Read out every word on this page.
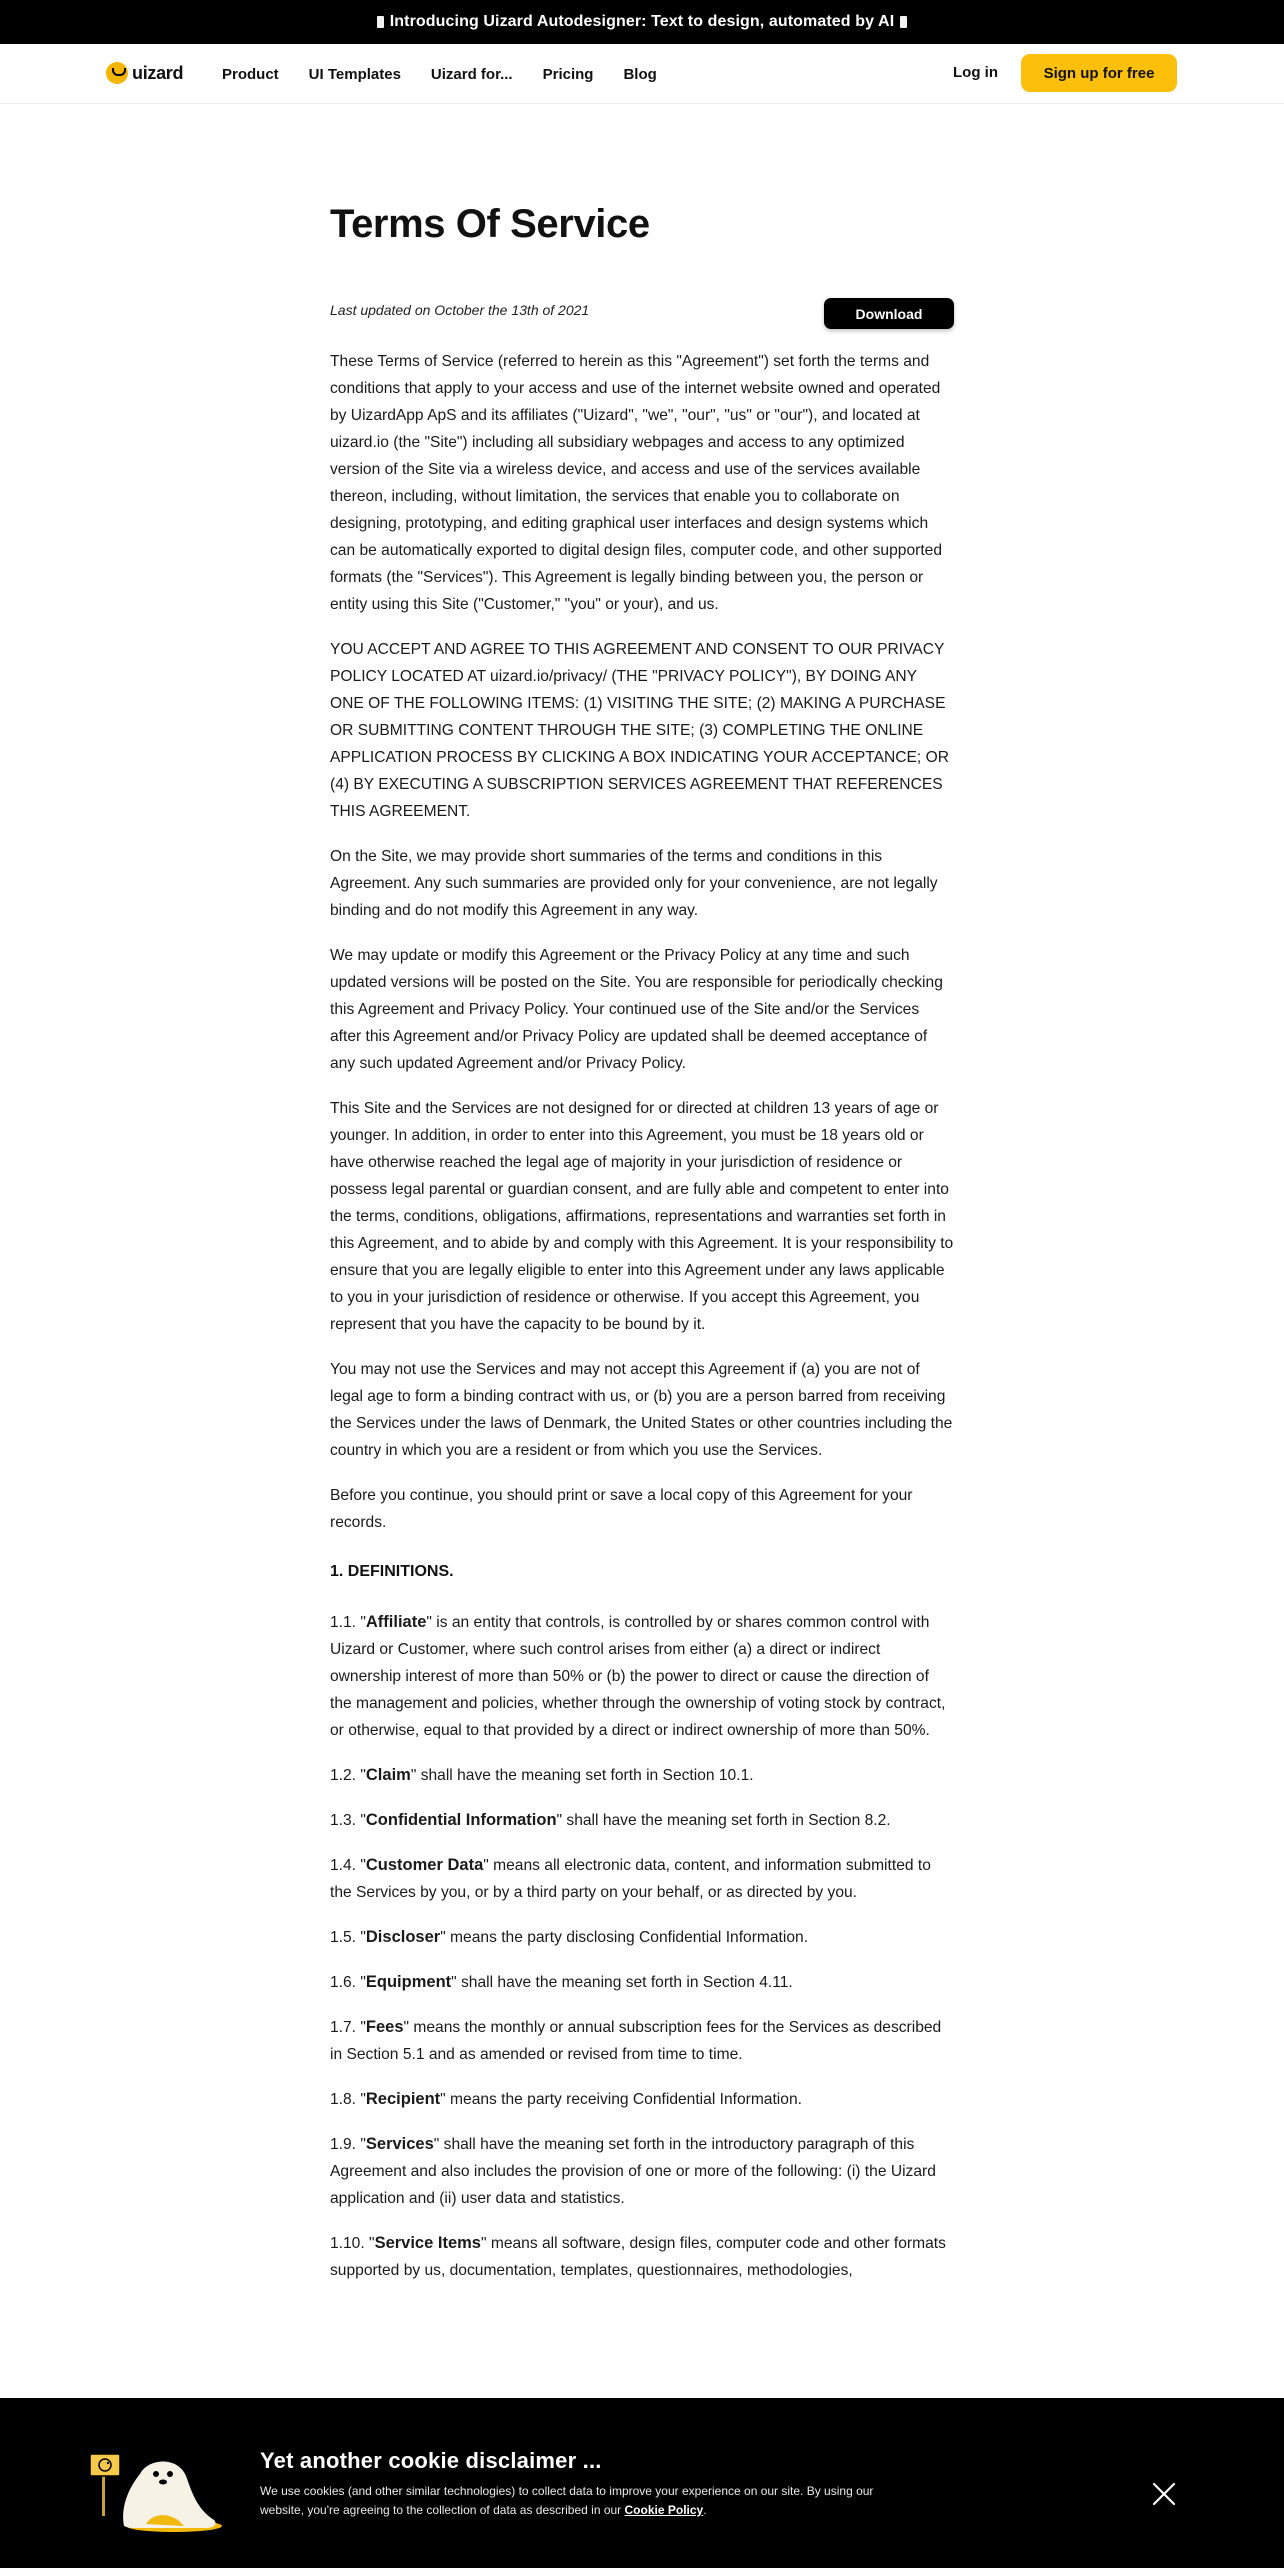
Introducing Uizard Autodesigner: Text to design, automated by AI
uizard	Product UI Templates Uizard for... Pricing Blog	Log in	Sign up for free
Terms Of Service
Last updated on October the 13th of 2021	Download

These Terms of Service (referred to herein as this "Agreement") set forth the terms and conditions that apply to your access and use of the internet website owned and operated by UizardApp ApS and its affiliates ("Uizard", "we", "our", "us" or "our"), and located at uizard.io (the "Site") including all subsidiary webpages and access to any optimized version of the Site via a wireless device, and access and use of the services available thereon, including, without limitation, the services that enable you to collaborate on designing, prototyping, and editing graphical user interfaces and design systems which can be automatically exported to digital design files, computer code, and other supported formats (the "Services"). This Agreement is legally binding between you, the person or entity using this Site ("Customer," "you" or your), and us.

YOU ACCEPT AND AGREE TO THIS AGREEMENT AND CONSENT TO OUR PRIVACY POLICY LOCATED AT uizard.io/privacy/ (THE "PRIVACY POLICY"), BY DOING ANY ONE OF THE FOLLOWING ITEMS: (1) VISITING THE SITE; (2) MAKING A PURCHASE OR SUBMITTING CONTENT THROUGH THE SITE; (3) COMPLETING THE ONLINE APPLICATION PROCESS BY CLICKING A BOX INDICATING YOUR ACCEPTANCE; OR (4) BY EXECUTING A SUBSCRIPTION SERVICES AGREEMENT THAT REFERENCES THIS AGREEMENT.

On the Site, we may provide short summaries of the terms and conditions in this Agreement. Any such summaries are provided only for your convenience, are not legally binding and do not modify this Agreement in any way.

We may update or modify this Agreement or the Privacy Policy at any time and such updated versions will be posted on the Site. You are responsible for periodically checking this Agreement and Privacy Policy. Your continued use of the Site and/or the Services after this Agreement and/or Privacy Policy are updated shall be deemed acceptance of any such updated Agreement and/or Privacy Policy.

This Site and the Services are not designed for or directed at children 13 years of age or younger. In addition, in order to enter into this Agreement, you must be 18 years old or have otherwise reached the legal age of majority in your jurisdiction of residence or possess legal parental or guardian consent, and are fully able and competent to enter into the terms, conditions, obligations, affirmations, representations and warranties set forth in this Agreement, and to abide by and comply with this Agreement. It is your responsibility to ensure that you are legally eligible to enter into this Agreement under any laws applicable to you in your jurisdiction of residence or otherwise. If you accept this Agreement, you represent that you have the capacity to be bound by it.

You may not use the Services and may not accept this Agreement if (a) you are not of legal age to form a binding contract with us, or (b) you are a person barred from receiving the Services under the laws of Denmark, the United States or other countries including the country in which you are a resident or from which you use the Services.

Before you continue, you should print or save a local copy of this Agreement for your records.

1. DEFINITIONS.

1.1. "Affiliate" is an entity that controls, is controlled by or shares common control with Uizard or Customer, where such control arises from either (a) a direct or indirect ownership interest of more than 50% or (b) the power to direct or cause the direction of the management and policies, whether through the ownership of voting stock by contract, or otherwise, equal to that provided by a direct or indirect ownership of more than 50%.

1.2. "Claim" shall have the meaning set forth in Section 10.1.

1.3. "Confidential Information" shall have the meaning set forth in Section 8.2.

1.4. "Customer Data" means all electronic data, content, and information submitted to the Services by you, or by a third party on your behalf, or as directed by you.

1.5. "Discloser" means the party disclosing Confidential Information.

1.6. "Equipment" shall have the meaning set forth in Section 4.11.

1.7. "Fees" means the monthly or annual subscription fees for the Services as described in Section 5.1 and as amended or revised from time to time.

1.8. "Recipient" means the party receiving Confidential Information.

1.9. "Services" shall have the meaning set forth in the introductory paragraph of this Agreement and also includes the provision of one or more of the following: (i) the Uizard application and (ii) user data and statistics.

1.10. "Service Items" means all software, design files, computer code and other formats supported by us, documentation, templates, questionnaires, methodologies,

Yet another cookie disclaimer ...

We use cookies (and other similar technologies) to collect data to improve your experience on our site. By using our website, you're agreeing to the collection of data as described in our Cookie Policy.
